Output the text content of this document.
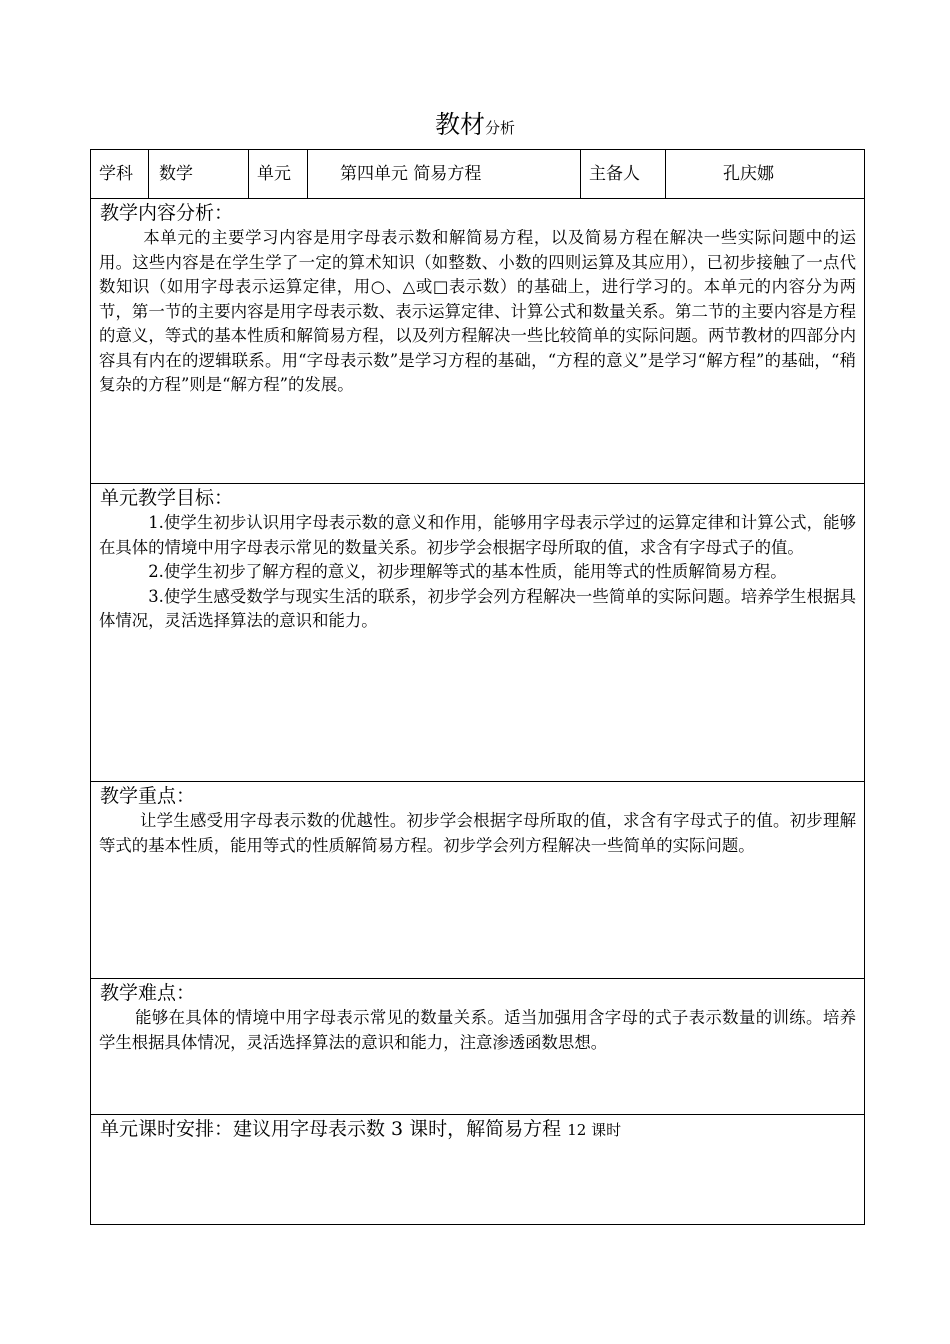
教材分析
学科 数学	单元	第四单元 简易方程	主备人	孔庆娜
教学内容分析：

本单元的主要学习内容是用字母表示数和解简易方程，以及简易方程在解决一些实际问题中的运用。这些内容是在学生学了一定的算术知识（如整数、小数的四则运算及其应用），已初步接触了一点代数知识（如用字母表示运算定律，用○、△或□表示数）的基础上，进行学习的。本单元的内容分为两节，第一节的主要内容是用字母表示数、表示运算定律、计算公式和数量关系。第二节的主要内容是方程的意义，等式的基本性质和解简易方程，以及列方程解决一些比较简单的实际问题。两节教材的四部分内容具有内在的逻辑联系。用“字母表示数”是学习方程的基础，“方程的意义”是学习“解方程”的基础，“稍复杂的方程”则是“解方程”的发展。

单元教学目标：

1.使学生初步认识用字母表示数的意义和作用，能够用字母表示学过的运算定律和计算公式，能够在具体的情境中用字母表示常见的数量关系。初步学会根据字母所取的值，求含有字母式子的值。

2.使学生初步了解方程的意义，初步理解等式的基本性质，能用等式的性质解简易方程。

3.使学生感受数学与现实生活的联系，初步学会列方程解决一些简单的实际问题。培养学生根据具体情况，灵活选择算法的意识和能力。

教学重点：

让学生感受用字母表示数的优越性。初步学会根据字母所取的值，求含有字母式子的值。初步理解等式的基本性质，能用等式的性质解简易方程。初步学会列方程解决一些简单的实际问题。

教学难点：

能够在具体的情境中用字母表示常见的数量关系。适当加强用含字母的式子表示数量的训练。培养学生根据具体情况，灵活选择算法的意识和能力，注意渗透函数思想。

单元课时安排：建议用字母表示数 3 课时，解简易方程 12 课时
